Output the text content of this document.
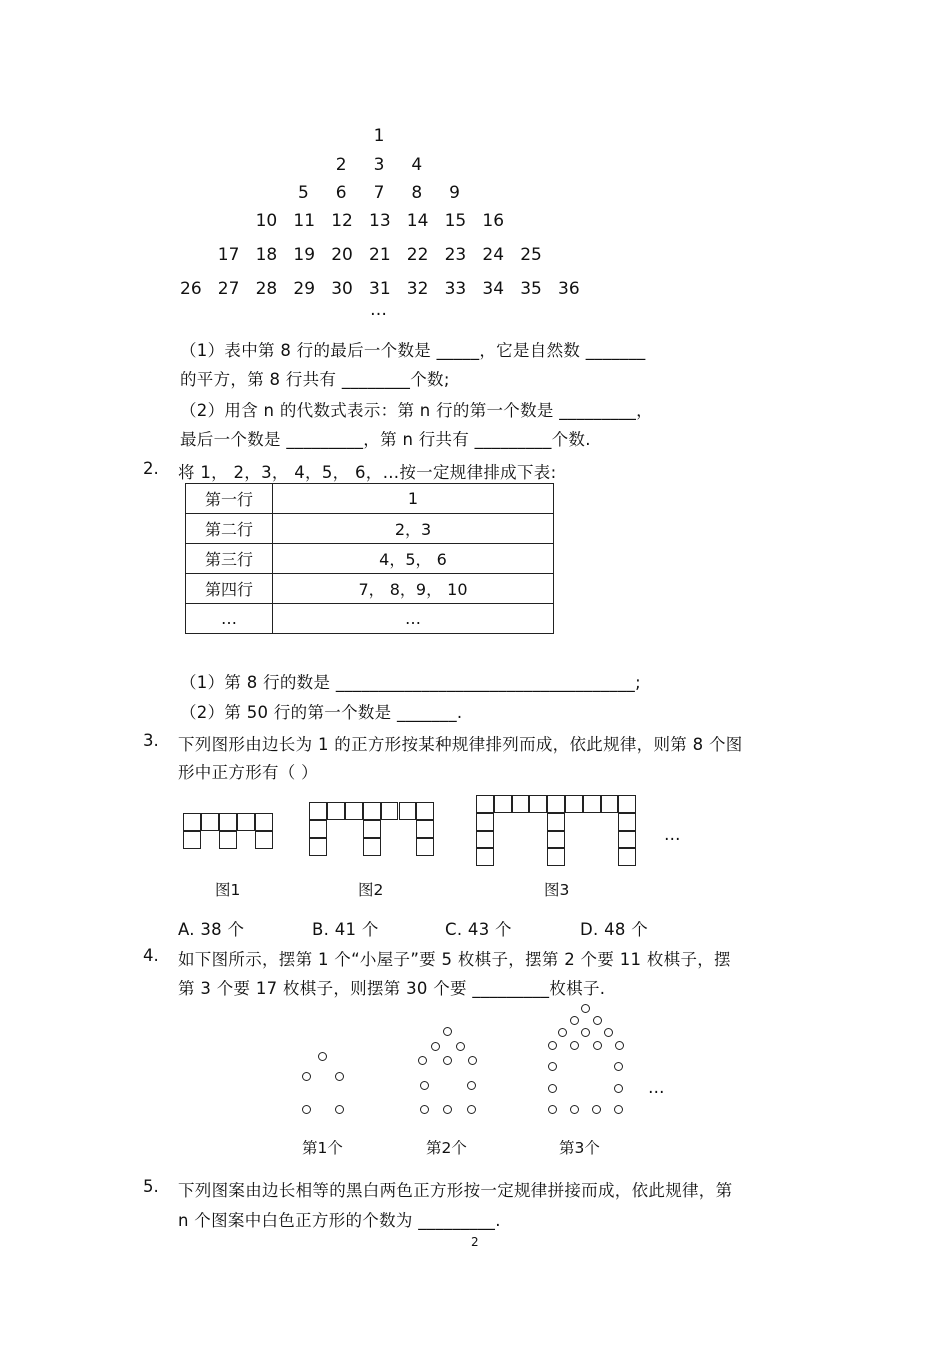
1
2 3 4
5 6 7 8 9
10 11 12 13 14 15 16
17 18 19 20 21 22 23 24 25
26 27 28 29 30 31 32 33 34 35 36
…
（1）表中第 8 行的最后一个数是 _____，它是自然数 _______
的平方，第 8 行共有 ________个数;
（2）用含 n 的代数式表示：第 n 行的第一个数是 _________，
最后一个数是 _________，第 n 行共有 _________个数.
2. 将 1， 2，3， 4，5， 6，…按一定规律排成下表:
第一行	1
第二行	2，3
第三行	4，5， 6
第四行	7， 8，9， 10
…	…
（1）第 8 行的数是 ___________________________________;
（2）第 50 行的第一个数是 _______.
3. 下列图形由边长为 1 的正方形按某种规律排列而成，依此规律，则第 8 个图
形中正方形有（ ）
…
图1	图2	图3
A. 38 个	B. 41 个	C. 43 个	D. 48 个
4. 如下图所示，摆第 1 个“小屋子”要 5 枚棋子，摆第 2 个要 11 枚棋子，摆
第 3 个要 17 枚棋子，则摆第 30 个要 _________枚棋子.
…
第1个	第2个	第3个
5. 下列图案由边长相等的黑白两色正方形按一定规律拼接而成，依此规律，第
n 个图案中白色正方形的个数为 _________.
2
